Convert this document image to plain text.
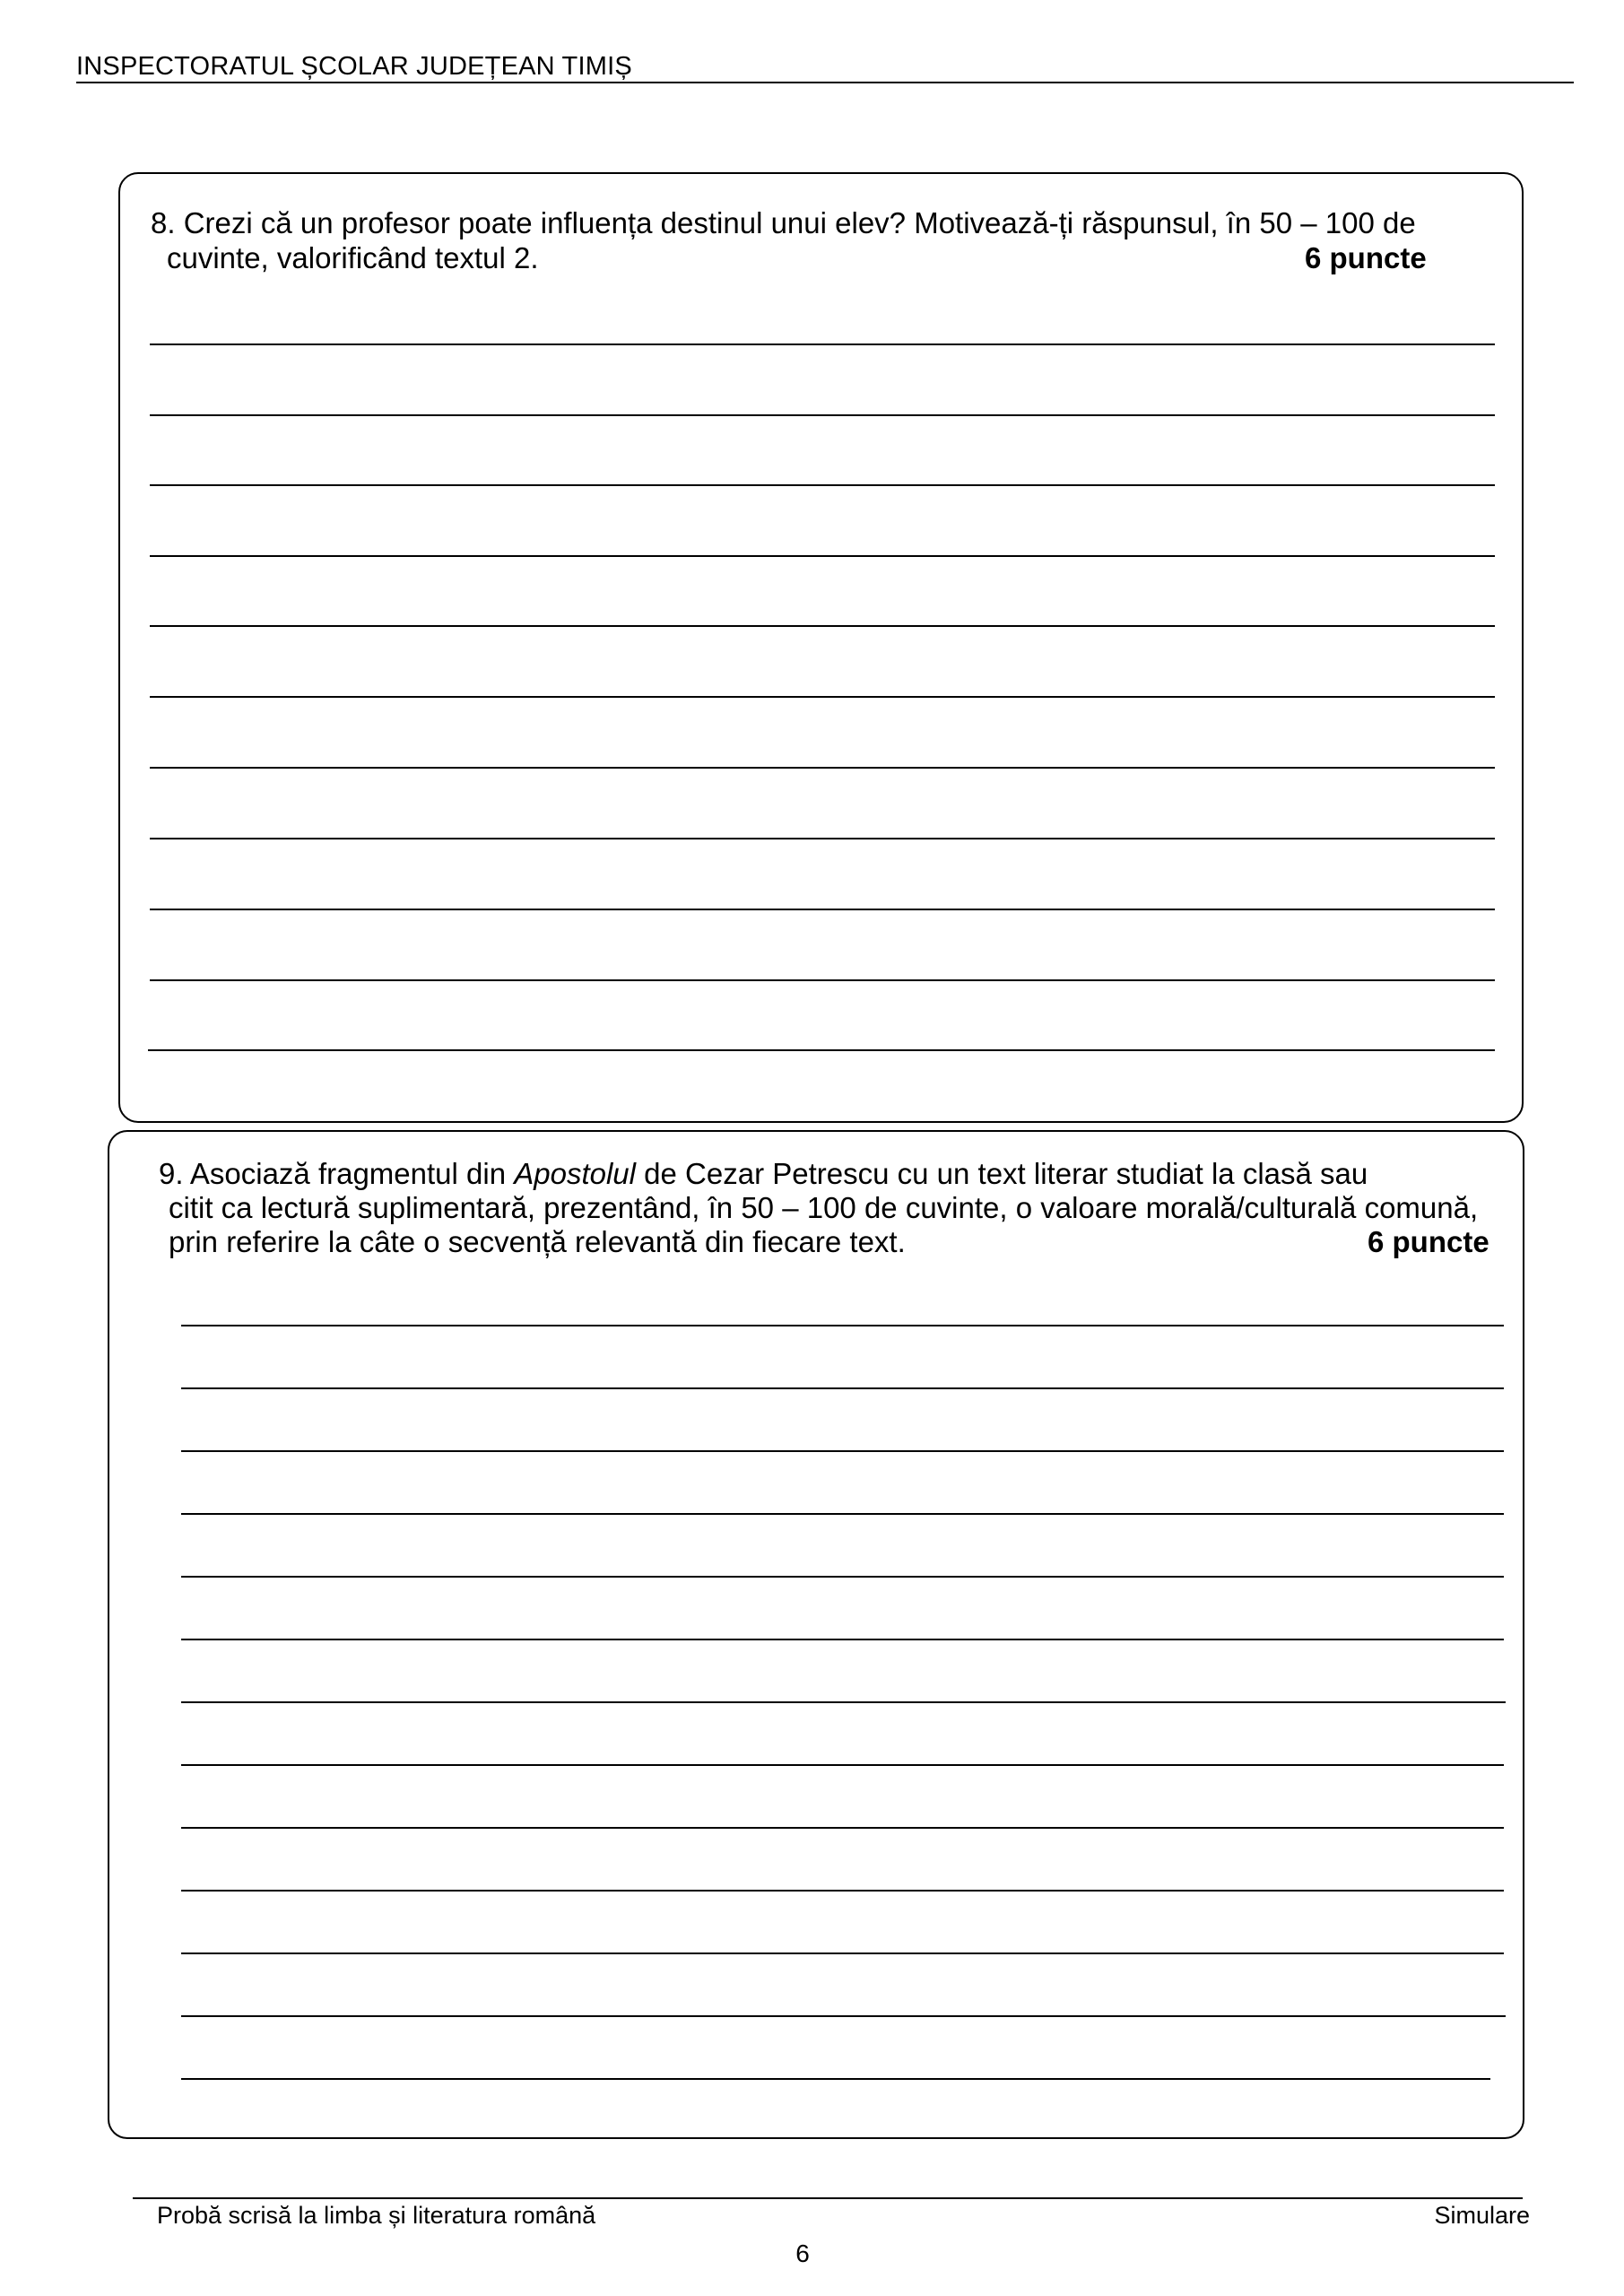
INSPECTORATUL ȘCOLAR JUDEȚEAN TIMIȘ
8. Crezi că un profesor poate influența destinul unui elev? Motivează-ți răspunsul, în 50 – 100 de
cuvinte, valorificând textul 2.	6 puncte
9. Asociază fragmentul din Apostolul de Cezar Petrescu cu un text literar studiat la clasă sau
citit ca lectură suplimentară, prezentând, în 50 – 100 de cuvinte, o valoare morală/culturală comună,
prin referire la câte o secvență relevantă din fiecare text.	6 puncte
Probă scrisă la limba și literatura română	Simulare
6
